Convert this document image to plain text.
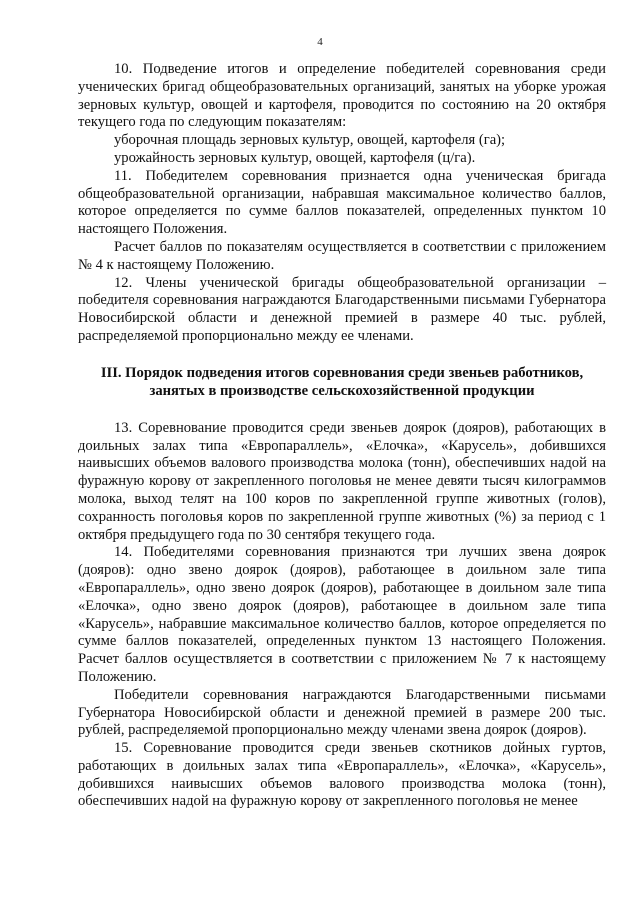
4

10. Подведение итогов и определение победителей соревнования среди ученических бригад общеобразовательных организаций, занятых на уборке урожая зерновых культур, овощей и картофеля, проводится по состоянию на 20 октября текущего года по следующим показателям:

уборочная площадь зерновых культур, овощей, картофеля (га);

урожайность зерновых культур, овощей, картофеля (ц/га).

11. Победителем соревнования признается одна ученическая бригада общеобразовательной организации, набравшая максимальное количество баллов, которое определяется по сумме баллов показателей, определенных пунктом 10 настоящего Положения.

Расчет баллов по показателям осуществляется в соответствии с приложением № 4 к настоящему Положению.

12. Члены ученической бригады общеобразовательной организации – победителя соревнования награждаются Благодарственными письмами Губернатора Новосибирской области и денежной премией в размере 40 тыс. рублей, распределяемой пропорционально между ее членами.

III. Порядок подведения итогов соревнования среди звеньев работников, занятых в производстве сельскохозяйственной продукции

13. Соревнование проводится среди звеньев доярок (дояров), работающих в доильных залах типа «Европараллель», «Елочка», «Карусель», добившихся наивысших объемов валового производства молока (тонн), обеспечивших надой на фуражную корову от закрепленного поголовья не менее девяти тысяч килограммов молока, выход телят на 100 коров по закрепленной группе животных (голов), сохранность поголовья коров по закрепленной группе животных (%) за период с 1 октября предыдущего года по 30 сентября текущего года.

14. Победителями соревнования признаются три лучших звена доярок (дояров): одно звено доярок (дояров), работающее в доильном зале типа «Европараллель», одно звено доярок (дояров), работающее в доильном зале типа «Елочка», одно звено доярок (дояров), работающее в доильном зале типа «Карусель», набравшие максимальное количество баллов, которое определяется по сумме баллов показателей, определенных пунктом 13 настоящего Положения. Расчет баллов осуществляется в соответствии с приложением № 7 к настоящему Положению.

Победители соревнования награждаются Благодарственными письмами Губернатора Новосибирской области и денежной премией в размере 200 тыс. рублей, распределяемой пропорционально между членами звена доярок (дояров).

15. Соревнование проводится среди звеньев скотников дойных гуртов, работающих в доильных залах типа «Европараллель», «Елочка», «Карусель», добившихся наивысших объемов валового производства молока (тонн), обеспечивших надой на фуражную корову от закрепленного поголовья не менее
